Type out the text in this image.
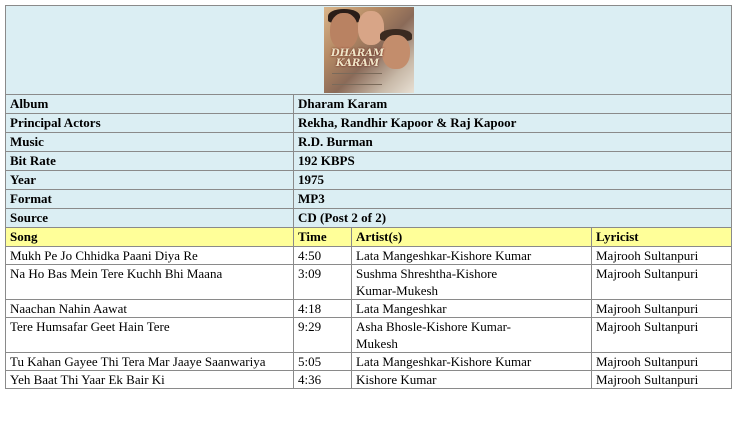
DHARAM KARAM			

Album	Dharam Karam		
Principal Actors	Rekha, Randhir Kapoor & Raj Kapoor		
Music	R.D. Burman		
Bit Rate	192 KBPS		
Year	1975		
Format	MP3		
Source	CD (Post 2 of 2)		
Song	Time	Artist(s)	Lyricist
Mukh Pe Jo Chhidka Paani Diya Re	4:50	Lata Mangeshkar-Kishore Kumar	Majrooh Sultanpuri
Na Ho Bas Mein Tere Kuchh Bhi Maana	3:09	Sushma Shreshtha-Kishore Kumar-Mukesh	Majrooh Sultanpuri
Naachan Nahin Aawat	4:18	Lata Mangeshkar	Majrooh Sultanpuri
Tere Humsafar Geet Hain Tere	9:29	Asha Bhosle-Kishore Kumar-Mukesh	Majrooh Sultanpuri
Tu Kahan Gayee Thi Tera Mar Jaaye Saanwariya	5:05	Lata Mangeshkar-Kishore Kumar	Majrooh Sultanpuri
Yeh Baat Thi Yaar Ek Bair Ki	4:36	Kishore Kumar	Majrooh Sultanpuri
